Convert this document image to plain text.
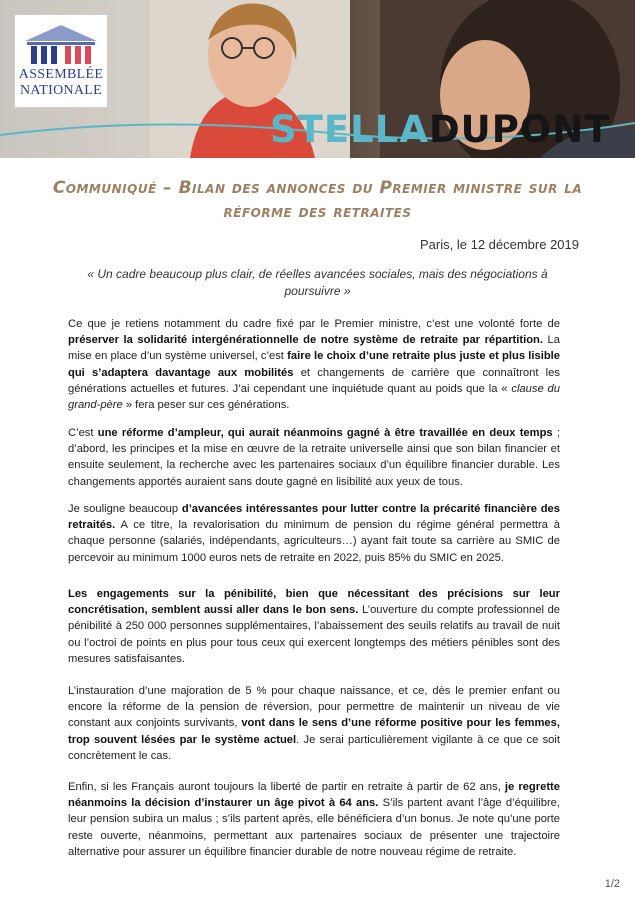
ASSEMBLÉE
NATIONALE
STELLADUPONT
Communiqué – Bilan des annonces du Premier ministre sur la réforme des retraites
Paris, le 12 décembre 2019
« Un cadre beaucoup plus clair, de réelles avancées sociales, mais des négociations à poursuivre »

Ce que je retiens notamment du cadre fixé par le Premier ministre, c’est une volonté forte de préserver la solidarité intergénérationnelle de notre système de retraite par répartition. La mise en place d’un système universel, c’est faire le choix d’une retraite plus juste et plus lisible qui s’adaptera davantage aux mobilités et changements de carrière que connaîtront les générations actuelles et futures. J’ai cependant une inquiétude quant au poids que la « clause du grand-père » fera peser sur ces générations.

C’est une réforme d’ampleur, qui aurait néanmoins gagné à être travaillée en deux temps ; d’abord, les principes et la mise en œuvre de la retraite universelle ainsi que son bilan financier et ensuite seulement, la recherche avec les partenaires sociaux d’un équilibre financier durable. Les changements apportés auraient sans doute gagné en lisibilité aux yeux de tous.

Je souligne beaucoup d’avancées intéressantes pour lutter contre la précarité financière des retraités. A ce titre, la revalorisation du minimum de pension du régime général permettra à chaque personne (salariés, indépendants, agriculteurs…) ayant fait toute sa carrière au SMIC de percevoir au minimum 1000 euros nets de retraite en 2022, puis 85% du SMIC en 2025.

Les engagements sur la pénibilité, bien que nécessitant des précisions sur leur concrétisation, semblent aussi aller dans le bon sens. L’ouverture du compte professionnel de pénibilité à 250 000 personnes supplémentaires, l’abaissement des seuils relatifs au travail de nuit ou l’octroi de points en plus pour tous ceux qui exercent longtemps des métiers pénibles sont des mesures satisfaisantes.

L’instauration d’une majoration de 5 % pour chaque naissance, et ce, dès le premier enfant ou encore la réforme de la pension de réversion, pour permettre de maintenir un niveau de vie constant aux conjoints survivants, vont dans le sens d’une réforme positive pour les femmes, trop souvent lésées par le système actuel. Je serai particulièrement vigilante à ce que ce soit concrètement le cas.

Enfin, si les Français auront toujours la liberté de partir en retraite à partir de 62 ans, je regrette néanmoins la décision d’instaurer un âge pivot à 64 ans. S’ils partent avant l’âge d’équilibre, leur pension subira un malus ; s’ils partent après, elle bénéficiera d’un bonus. Je note qu’une porte reste ouverte, néanmoins, permettant aux partenaires sociaux de présenter une trajectoire alternative pour assurer un équilibre financier durable de notre nouveau régime de retraite.

1/2
